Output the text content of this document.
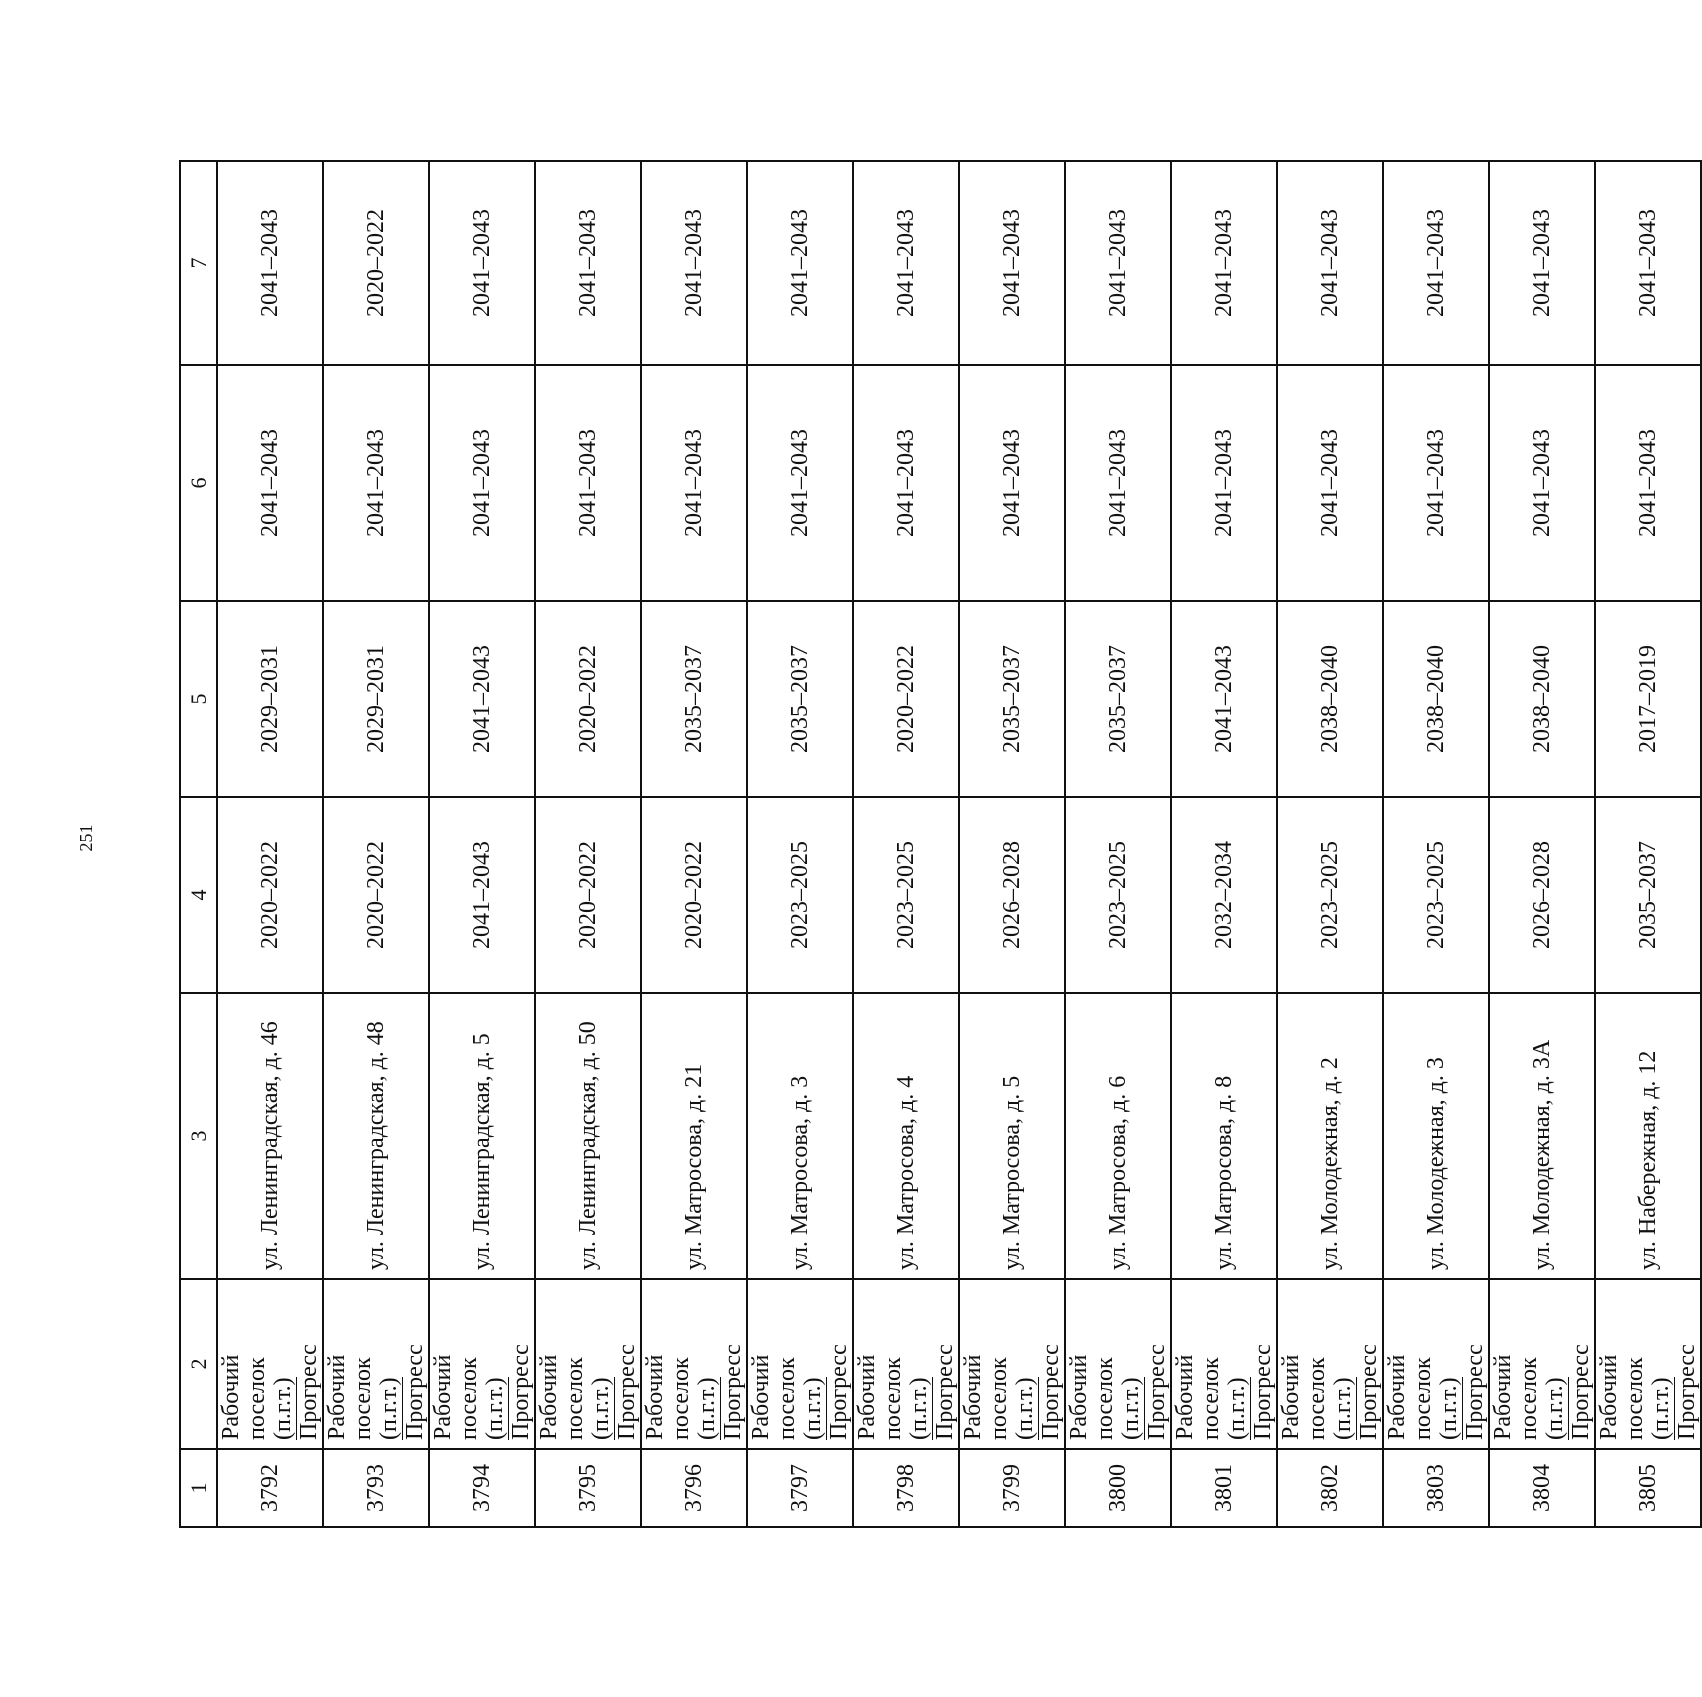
251
1	2	3	4	5	6	7
3792	Рабочий поселок (п.г.т.) Прогресс	ул. Ленинградская, д. 46	2020–2022	2029–2031	2041–2043	2041–2043
3793	Рабочий поселок (п.г.т.) Прогресс	ул. Ленинградская, д. 48	2020–2022	2029–2031	2041–2043	2020–2022
3794	Рабочий поселок (п.г.т.) Прогресс	ул. Ленинградская, д. 5	2041–2043	2041–2043	2041–2043	2041–2043
3795	Рабочий поселок (п.г.т.) Прогресс	ул. Ленинградская, д. 50	2020–2022	2020–2022	2041–2043	2041–2043
3796	Рабочий поселок (п.г.т.) Прогресс	ул. Матросова, д. 21	2020–2022	2035–2037	2041–2043	2041–2043
3797	Рабочий поселок (п.г.т.) Прогресс	ул. Матросова, д. 3	2023–2025	2035–2037	2041–2043	2041–2043
3798	Рабочий поселок (п.г.т.) Прогресс	ул. Матросова, д. 4	2023–2025	2020–2022	2041–2043	2041–2043
3799	Рабочий поселок (п.г.т.) Прогресс	ул. Матросова, д. 5	2026–2028	2035–2037	2041–2043	2041–2043
3800	Рабочий поселок (п.г.т.) Прогресс	ул. Матросова, д. 6	2023–2025	2035–2037	2041–2043	2041–2043
3801	Рабочий поселок (п.г.т.) Прогресс	ул. Матросова, д. 8	2032–2034	2041–2043	2041–2043	2041–2043
3802	Рабочий поселок (п.г.т.) Прогресс	ул. Молодежная, д. 2	2023–2025	2038–2040	2041–2043	2041–2043
3803	Рабочий поселок (п.г.т.) Прогресс	ул. Молодежная, д. 3	2023–2025	2038–2040	2041–2043	2041–2043
3804	Рабочий поселок (п.г.т.) Прогресс	ул. Молодежная, д. 3А	2026–2028	2038–2040	2041–2043	2041–2043
3805	Рабочий поселок (п.г.т.) Прогресс	ул. Набережная, д. 12	2035–2037	2017–2019	2041–2043	2041–2043
